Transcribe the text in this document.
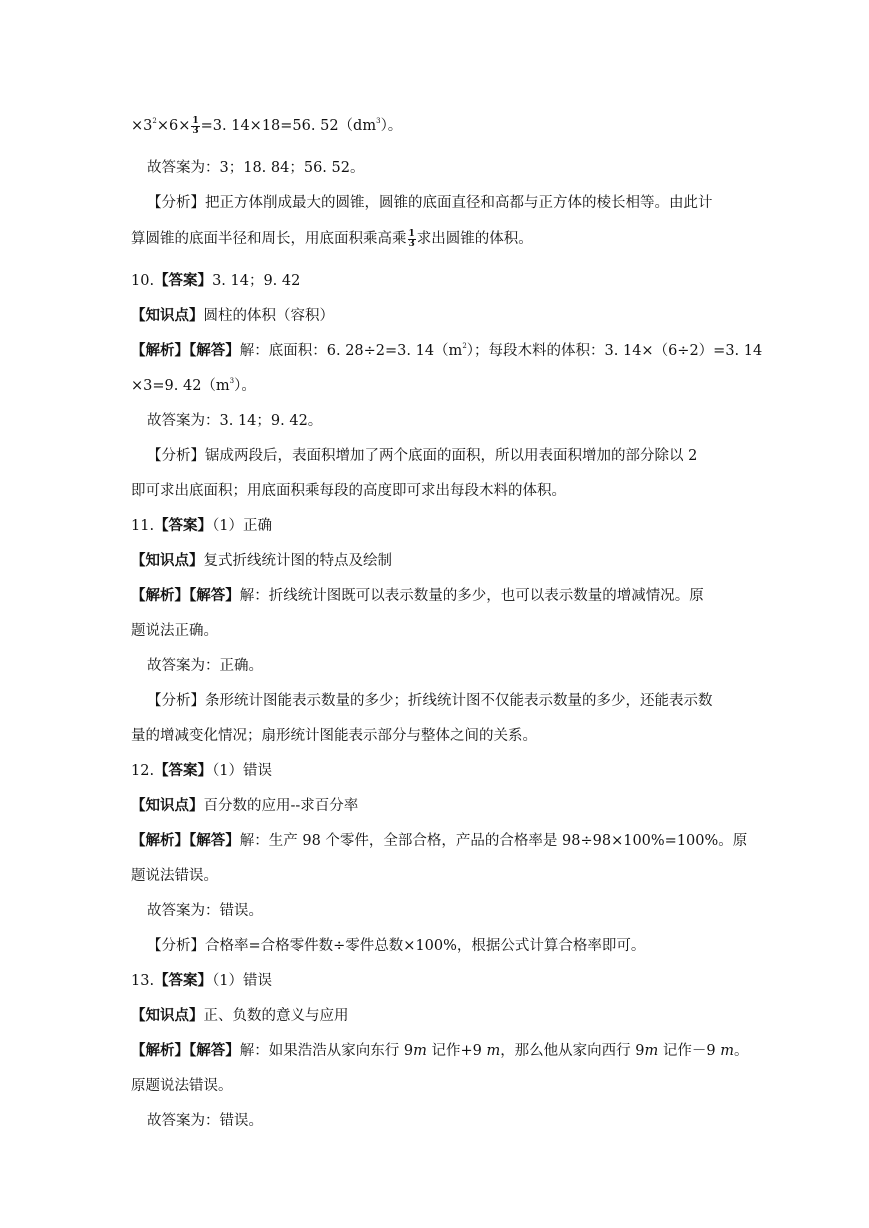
$\times 3^2\times 6\times \frac{1}{3} =3$. 14×18=56. $52(dm^3)$。
故答案为：3；18. 84；56. 52。
【分析】把正方体削成最大的圆锥，圆锥的底面直径和高都与正方体的棱长相等。由此计
算圆锥的底面半径和周长，用底面积乘高乘 $\frac{1}{3}$ 求出圆锥的体积。
10.【答案】3. 14；9. 42
【知识点】圆柱的体积（容积）
【解析】【解答】解：底面积：6. 28÷2=3. $14(m^2)$；每段木料的体积：3. 14×（6÷2）=3. 14
×3=9. $42(m^3)$。
故答案为：3. 14；9. 42。
【分析】锯成两段后，表面积增加了两个底面的面积，所以用表面积增加的部分除以 2
即可求出底面积；用底面积乘每段的高度即可求出每段木料的体积。
11.【答案】（1）正确
【知识点】复式折线统计图的特点及绘制
【解析】【解答】解：折线统计图既可以表示数量的多少，也可以表示数量的增减情况。原
题说法正确。
故答案为：正确。
【分析】条形统计图能表示数量的多少；折线统计图不仅能表示数量的多少，还能表示数
量的增减变化情况；扇形统计图能表示部分与整体之间的关系。
12.【答案】（1）错误
【知识点】百分数的应用--求百分率
【解析】【解答】解：生产 98 个零件，全部合格，产品的合格率是 98÷98×100%=100%。原
题说法错误。
故答案为：错误。
【分析】合格率=合格零件数÷零件总数×100%，根据公式计算合格率即可。
13.【答案】（1）错误
【知识点】正、负数的意义与应用
【解析】【解答】解：如果浩浩从家向东行 9m 记作+9 m，那么他从家向西行 9m 记作－9 m。
原题说法错误。
故答案为：错误。
